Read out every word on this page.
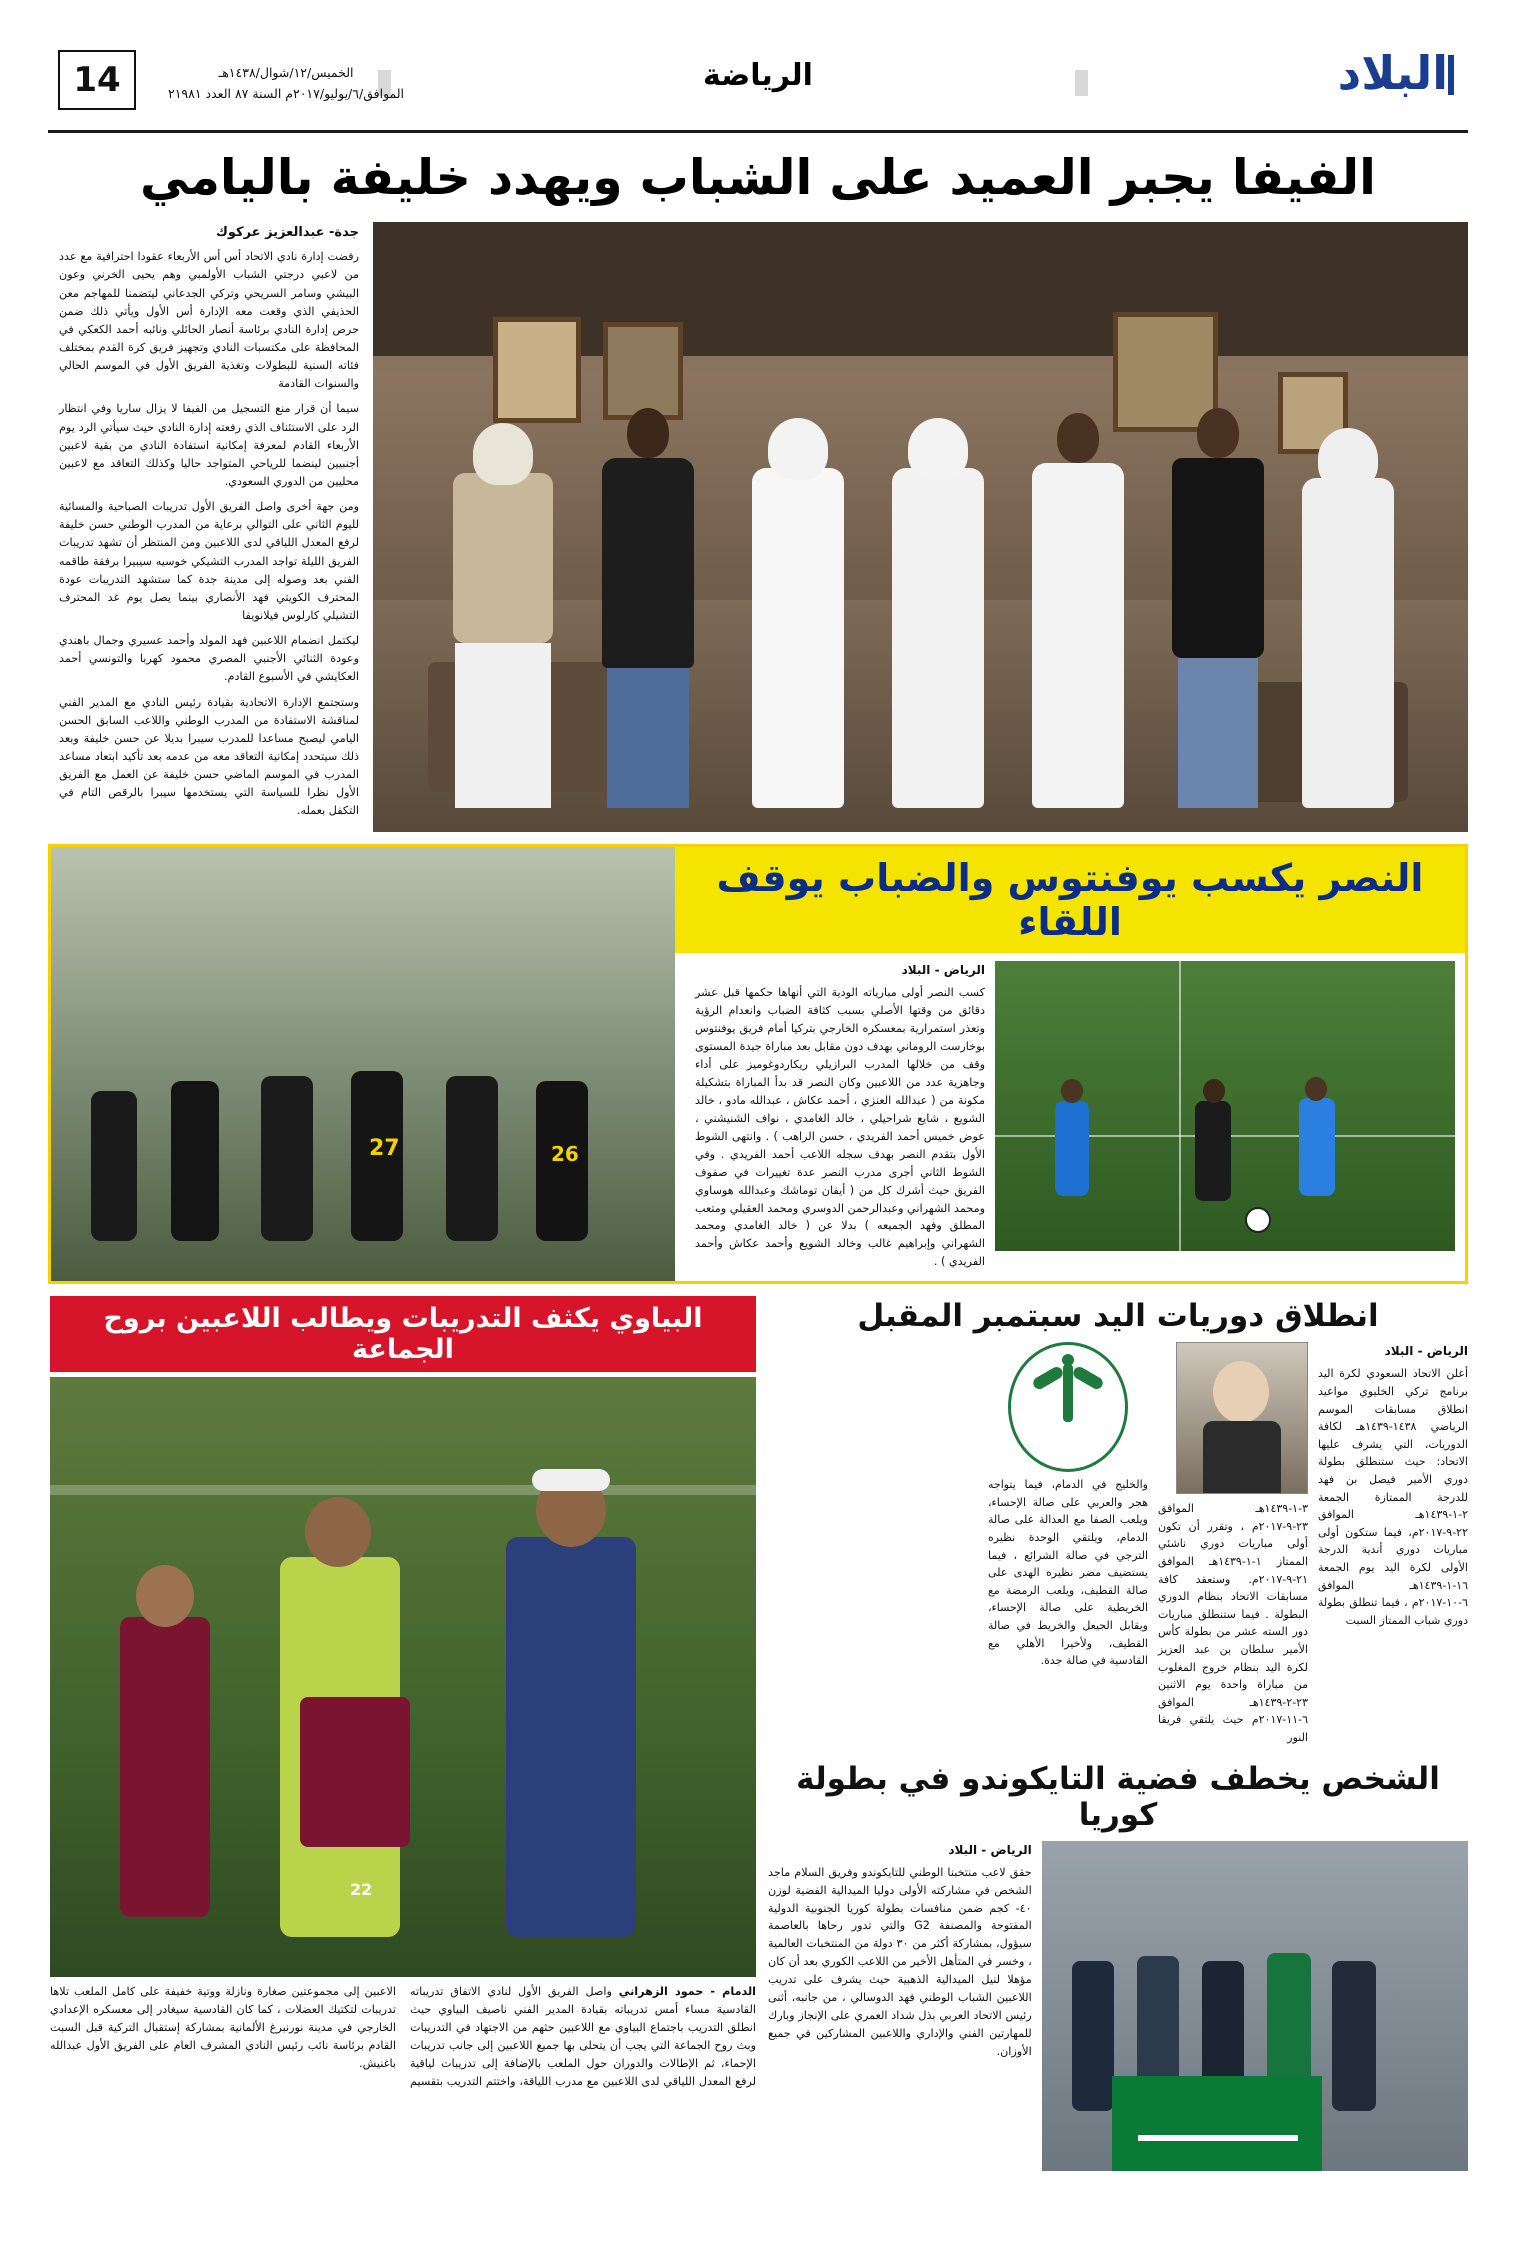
البلاد
الرياضة
الخميس/١٢/شوال/١٤٣٨هـ
الموافق/٦/يوليو/٢٠١٧م السنة ٨٧ العدد ٢١٩٨١
14
الفيفا يجبر العميد على الشباب ويهدد خليفة باليامي
جدة- عبدالعزيز عركوك

رفضت إدارة نادي الاتحاد أس أس الأربعاء عقودا احترافية مع عدد من لاعبي درجتي الشباب الأولمبي وهم يحيى الخرني وعون البيشي وسامر السريحي وتركي الجدعاني ليتضمنا للمهاجم معن الحذيفي الذي وقعت معه الإدارة أس الأول ويأتي ذلك ضمن حرص إدارة النادي برئاسة أنصار الحائلي ونائبه أحمد الكعكي في المحافظة على مكتسبات النادي وتجهيز فريق كرة القدم بمختلف فئاته السنية للبطولات وتغذية الفريق الأول في الموسم الحالي والسنوات القادمة

سيما أن قرار منع التسجيل من الفيفا لا يزال ساريا وفي انتظار الرد على الاستئناف الذي رفعته إدارة النادي حيث سيأتي الرد يوم الأربعاء القادم لمعرفة إمكانية استفادة النادي من بقية لاعبين أجنبيين لينضما للرياحي المتواجد حاليا وكذلك التعاقد مع لاعبين محليين من الدوري السعودي.

ومن جهة أخرى واصل الفريق الأول تدريبات الصباحية والمسائية لليوم الثاني على التوالي برعاية من المدرب الوطني حسن خليفة لرفع المعدل اللياقي لدى اللاعبين ومن المنتظر أن تشهد تدريبات الفريق الليلة تواجد المدرب التشيكي خوسيه سيبيرا برفقة طاقمه الفني بعد وصوله إلى مدينة جدة كما ستشهد التدريبات عودة المحترف الكويتي فهد الأنصاري بينما يصل يوم غد المحترف التشيلي كارلوس فيلانويفا

ليكتمل انضمام اللاعبين فهد المولد وأحمد عسيري وجمال باهندي وعودة الثنائي الأجنبي المصري محمود كهربا والتونسي أحمد العكايشي في الأسبوع القادم.

وستجتمع الإدارة الاتحادية بقيادة رئيس النادي مع المدير الفني لمناقشة الاستفادة من المدرب الوطني واللاعب السابق الحسن اليامي ليصبح مساعدا للمدرب سيبرا بديلا عن حسن خليفة وبعد ذلك سيتحدد إمكانية التعاقد معه من عدمه بعد تأكيد ابتعاد مساعد المدرب في الموسم الماضي حسن خليفة عن العمل مع الفريق الأول نظرا للسياسة التي يستخدمها سيبرا بالرقص التام في التكفل بعمله.

النصر يكسب يوفنتوس والضباب يوقف اللقاء
الرياض - البلاد
كسب النصر أولى مبارياته الودية التي أنهاها حكمها قبل عشر دقائق من وقتها الأصلي بسبب كثافة الضباب وانعدام الرؤية وتعذر استمرارية بمعسكره الخارجي بتركيا أمام فريق يوفنتوس بوخارست الروماني بهدف دون مقابل بعد مباراة جيدة المستوى وقف من خلالها المدرب البرازيلي ريكاردوغوميز على أداء وجاهزية عدد من اللاعبين وكان النصر قد بدأ المباراة بتشكيلة مكونة من ( عبدالله العنزي ، أحمد عكاش ، عبدالله مادو ، خالد الشويع ، شايع شراحيلي ، خالد الغامدي ، نواف الشنيشني ، عوض خميس أحمد الفريدي ، حسن الراهب ) . وانتهى الشوط الأول بتقدم النصر بهدف سجله اللاعب أحمد الفريدي . وفي الشوط الثاني أجرى مدرب النصر عدة تغييرات في صفوف الفريق حيث أشرك كل من ( أيفان توماشك وعبدالله هوساوي ومحمد الشهراني وعبدالرحمن الدوسري ومحمد العقيلي ومتعب المطلق وفهد الجميعه ) بدلا عن ( خالد الغامدي ومحمد الشهراني وإبراهيم غالب وخالد الشويع وأحمد عكاش وأحمد الفريدي ) .
27	26
انطلاق دوريات اليد سبتمبر المقبل
الرياض - البلاد
أعلن الاتحاد السعودي لكرة اليد برنامج تركي الخليوي مواعيد انطلاق مسابقات الموسم الرياضي ١٤٣٨-١٤٣٩هـ لكافة الدوريات، التي يشرف عليها الاتحاد: حيث ستنطلق بطولة دوري الأمير فيصل بن فهد للدرجة الممتازة الجمعة ٢-١-١٤٣٩هـ الموافق ٢٢-٩-٢٠١٧م، فيما ستكون أولى مباريات دوري أندية الدرجة الأولى لكرة اليد يوم الجمعة ١٦-١-١٤٣٩هـ الموافق ٦-١٠-٢٠١٧م ، فيما تنطلق بطولة دوري شباب الممتاز السبت
٣-١-١٤٣٩هـ الموافق ٢٣-٩-٢٠١٧م ، وتقرر أن تكون أولى مباريات دوري ناشئي الممتاز ١-١-١٤٣٩هـ الموافق ٢١-٩-٢٠١٧م. وستعقد كافة مسابقات الاتحاد بنظام الدوري البطولة . فيما ستنطلق مباريات دور السته عشر من بطولة كأس الأمير سلطان بن عبد العزيز لكرة اليد بنظام خروج المغلوب من مباراة واحدة يوم الاثنين ٢٣-٢-١٤٣٩هـ الموافق ٦-١١-٢٠١٧م حيث يلتقي فريقا النور
والخليج في الدمام، فيما يتواجه هجر والعربي على صالة الإحساء، ويلعب الصفا مع العدالة على صالة الدمام، ويلتقي الوحدة نظيره الترجي في صالة الشرائع ، فيما يستضيف مضر نظيره الهدى على صالة القطيف، ويلعب الرمضة مع الخريطية على صالة الإحساء، ويقابل الجيعل والخريط في صالة القطيف، ولأخيرا الأهلي مع القادسية في صالة جدة.
الشخص يخطف فضية التايكوندو في بطولة كوريا
الرياض - البلاد
حقق لاعب منتخبنا الوطني للتايكوندو وفريق السلام ماجد الشخص في مشاركته الأولى دوليا الميدالية الفضية لوزن ٤٠- كجم ضمن منافسات بطولة كوريا الجنوبية الدولية المفتوحة والمصنفة G2 والتي تدور رحاها بالعاصمة سيؤول، بمشاركة أكثر من ٣٠ دولة من المنتخبات العالمية ، وخسر في المتأهل الأخير من اللاعب الكوري بعد أن كان مؤهلا لنيل الميدالية الذهبية حيث يشرف على تدريب اللاعبين الشباب الوطني فهد الدوسالي ، من جانبه، أثنى رئيس الاتحاد العربي بذل شداد العمري على الإنجاز وبارك للمهارتين الفني والإداري واللاعبين المشاركين في جميع الأوزان.
البياوي يكثف التدريبات ويطالب اللاعبين بروح الجماعة
22
الدمام - حمود الزهراني واصل الفريق الأول لنادي الاتفاق تدريباته القادسية مساء أمس تدريباته بقيادة المدير الفني ناصيف البياوي حيث انطلق التدريب باجتماع البياوي مع اللاعبين حثهم من الاجتهاد في التدريبات وبث روح الجماعة التي يجب أن يتحلى بها جميع اللاعبين إلى جانب تدريبات الإحماء، ثم الإطالات والدوران حول الملعب بالإضافة إلى تدريبات لياقية لرفع المعدل اللياقي لدى اللاعبين مع مدرب اللياقة، واختتم التدريب بتقسيم الاعبين إلى مجموعتين صغارة ونازلة ووتية خفيفة على كامل الملعب تلاها تدريبات لتكتيك العضلات ، كما كان القادسية سيغادر إلى معسكره الإعدادي الخارجي في مدينة نورنبرغ الألمانية بمشاركة إستقبال التركية قبل السبت القادم برئاسة نائب رئيس النادي المشرف العام على الفريق الأول عبدالله باغنيش.
